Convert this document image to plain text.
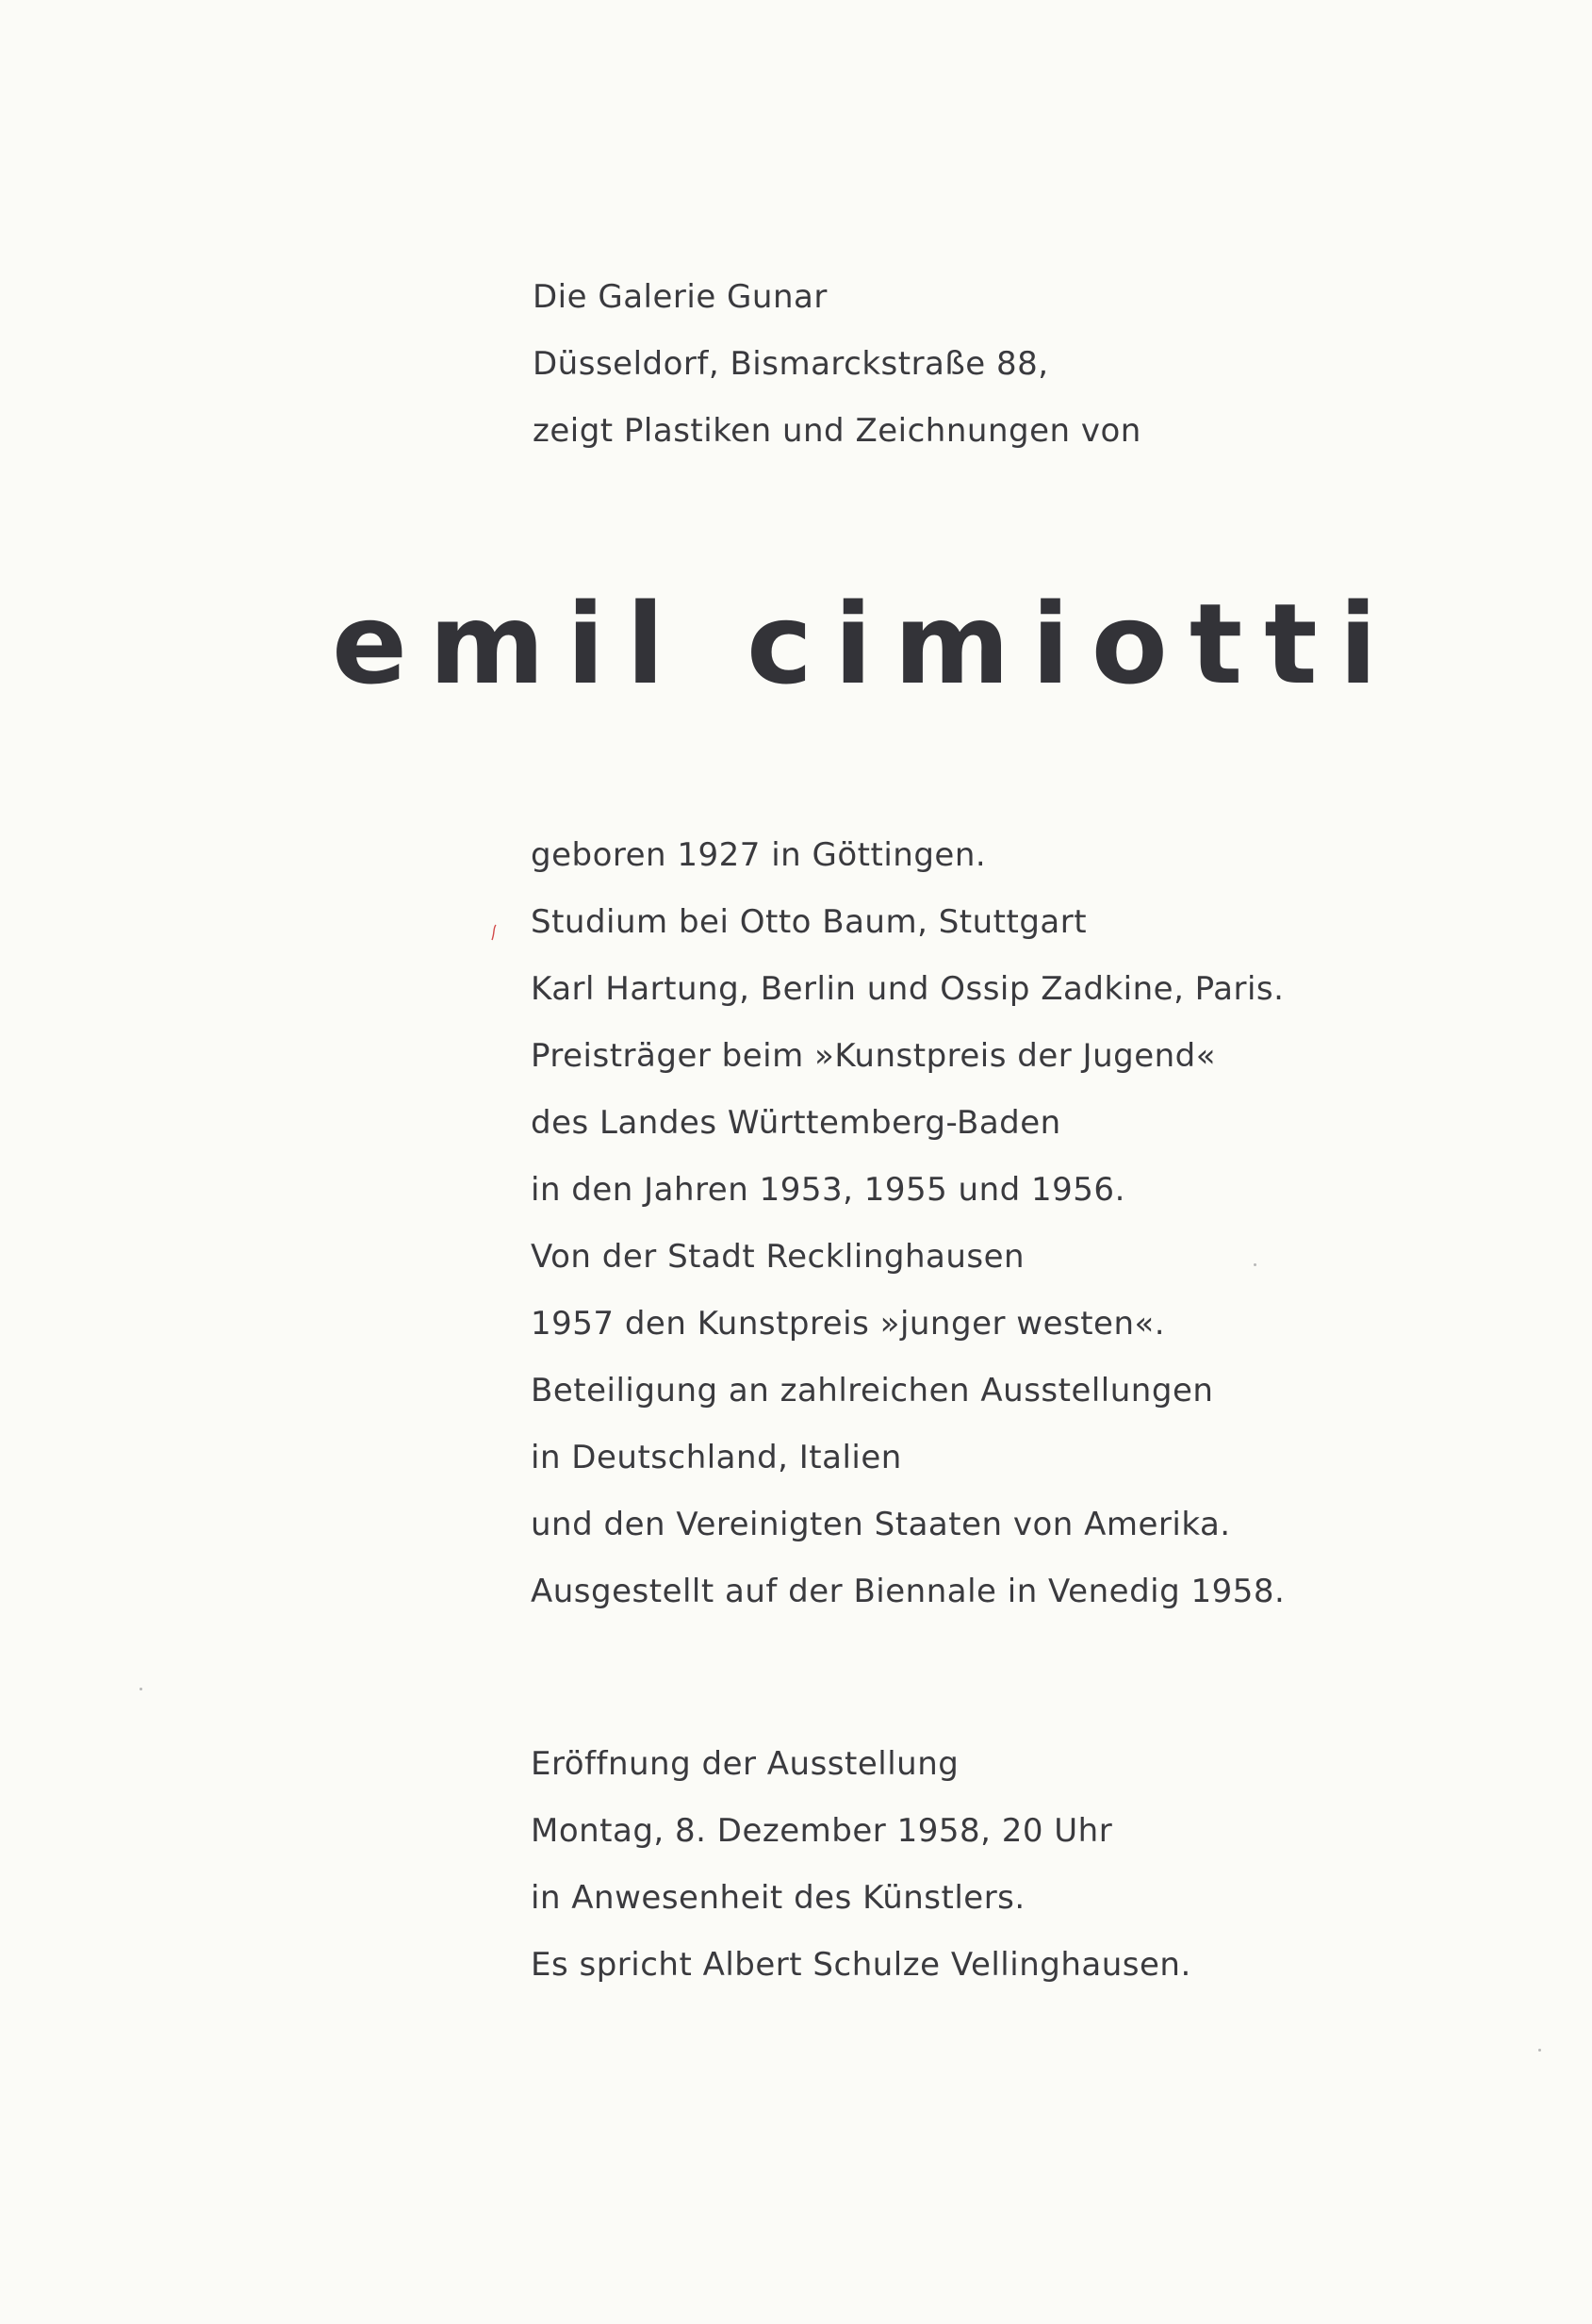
Die Galerie Gunar
Düsseldorf, Bismarckstraße 88,
zeigt Plastiken und Zeichnungen von
emil cimiotti
geboren 1927 in Göttingen.
Studium bei Otto Baum, Stuttgart
Karl Hartung, Berlin und Ossip Zadkine, Paris.
Preisträger beim »Kunstpreis der Jugend«
des Landes Württemberg-Baden
in den Jahren 1953, 1955 und 1956.
Von der Stadt Recklinghausen
1957 den Kunstpreis »junger westen«.
Beteiligung an zahlreichen Ausstellungen
in Deutschland, Italien
und den Vereinigten Staaten von Amerika.
Ausgestellt auf der Biennale in Venedig 1958.
Eröffnung der Ausstellung
Montag, 8. Dezember 1958, 20 Uhr
in Anwesenheit des Künstlers.
Es spricht Albert Schulze Vellinghausen.
